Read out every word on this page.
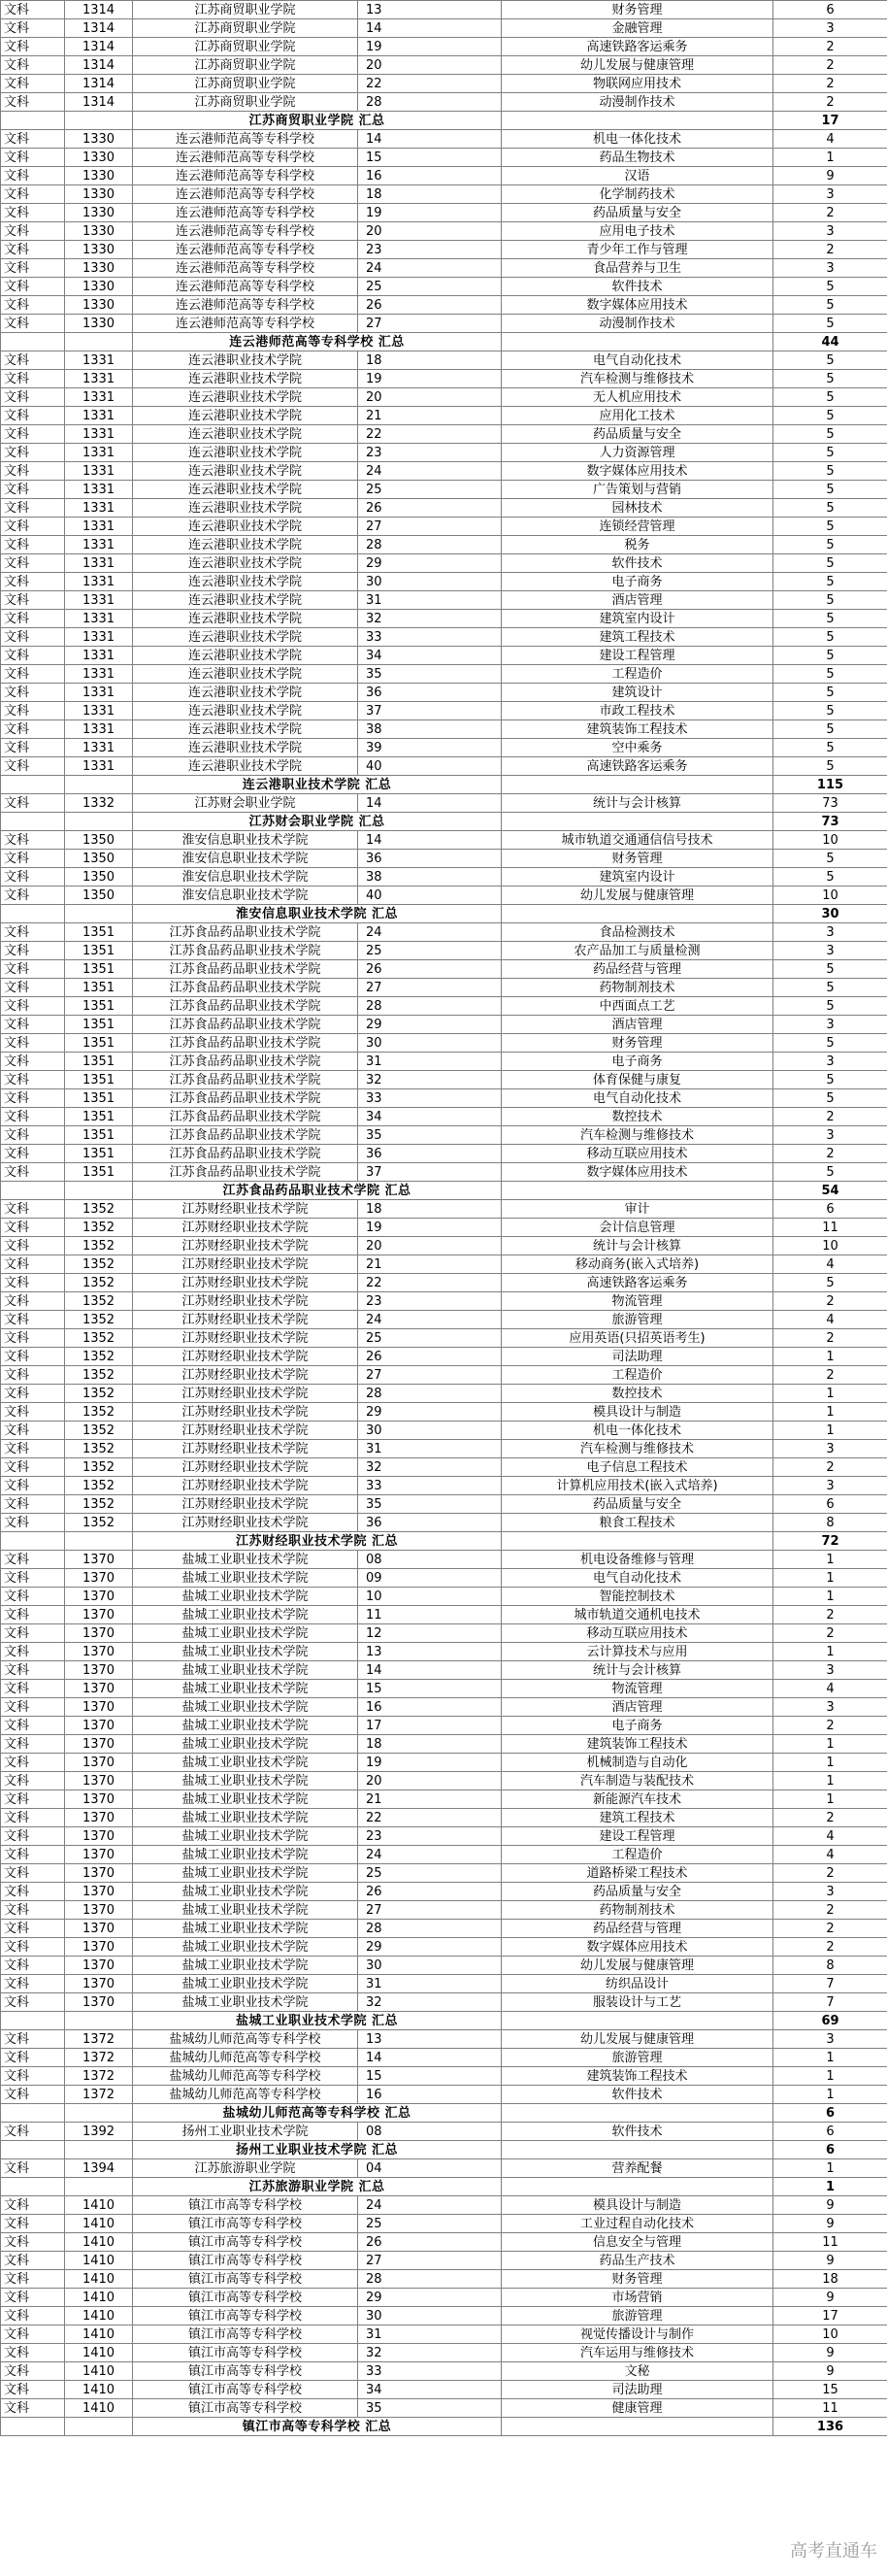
文科	1314	江苏商贸职业学院	13	财务管理	6
文科	1314	江苏商贸职业学院	14	金融管理	3
文科	1314	江苏商贸职业学院	19	高速铁路客运乘务	2
文科	1314	江苏商贸职业学院	20	幼儿发展与健康管理	2
文科	1314	江苏商贸职业学院	22	物联网应用技术	2
文科	1314	江苏商贸职业学院	28	动漫制作技术	2
		江苏商贸职业学院 汇总			17
文科	1330	连云港师范高等专科学校	14	机电一体化技术	4
文科	1330	连云港师范高等专科学校	15	药品生物技术	1
文科	1330	连云港师范高等专科学校	16	汉语	9
文科	1330	连云港师范高等专科学校	18	化学制药技术	3
文科	1330	连云港师范高等专科学校	19	药品质量与安全	2
文科	1330	连云港师范高等专科学校	20	应用电子技术	3
文科	1330	连云港师范高等专科学校	23	青少年工作与管理	2
文科	1330	连云港师范高等专科学校	24	食品营养与卫生	3
文科	1330	连云港师范高等专科学校	25	软件技术	5
文科	1330	连云港师范高等专科学校	26	数字媒体应用技术	5
文科	1330	连云港师范高等专科学校	27	动漫制作技术	5
		连云港师范高等专科学校 汇总			44
文科	1331	连云港职业技术学院	18	电气自动化技术	5
文科	1331	连云港职业技术学院	19	汽车检测与维修技术	5
文科	1331	连云港职业技术学院	20	无人机应用技术	5
文科	1331	连云港职业技术学院	21	应用化工技术	5
文科	1331	连云港职业技术学院	22	药品质量与安全	5
文科	1331	连云港职业技术学院	23	人力资源管理	5
文科	1331	连云港职业技术学院	24	数字媒体应用技术	5
文科	1331	连云港职业技术学院	25	广告策划与营销	5
文科	1331	连云港职业技术学院	26	园林技术	5
文科	1331	连云港职业技术学院	27	连锁经营管理	5
文科	1331	连云港职业技术学院	28	税务	5
文科	1331	连云港职业技术学院	29	软件技术	5
文科	1331	连云港职业技术学院	30	电子商务	5
文科	1331	连云港职业技术学院	31	酒店管理	5
文科	1331	连云港职业技术学院	32	建筑室内设计	5
文科	1331	连云港职业技术学院	33	建筑工程技术	5
文科	1331	连云港职业技术学院	34	建设工程管理	5
文科	1331	连云港职业技术学院	35	工程造价	5
文科	1331	连云港职业技术学院	36	建筑设计	5
文科	1331	连云港职业技术学院	37	市政工程技术	5
文科	1331	连云港职业技术学院	38	建筑装饰工程技术	5
文科	1331	连云港职业技术学院	39	空中乘务	5
文科	1331	连云港职业技术学院	40	高速铁路客运乘务	5
		连云港职业技术学院 汇总			115
文科	1332	江苏财会职业学院	14	统计与会计核算	73
		江苏财会职业学院 汇总			73
文科	1350	淮安信息职业技术学院	14	城市轨道交通通信信号技术	10
文科	1350	淮安信息职业技术学院	36	财务管理	5
文科	1350	淮安信息职业技术学院	38	建筑室内设计	5
文科	1350	淮安信息职业技术学院	40	幼儿发展与健康管理	10
		淮安信息职业技术学院 汇总			30
文科	1351	江苏食品药品职业技术学院	24	食品检测技术	3
文科	1351	江苏食品药品职业技术学院	25	农产品加工与质量检测	3
文科	1351	江苏食品药品职业技术学院	26	药品经营与管理	5
文科	1351	江苏食品药品职业技术学院	27	药物制剂技术	5
文科	1351	江苏食品药品职业技术学院	28	中西面点工艺	5
文科	1351	江苏食品药品职业技术学院	29	酒店管理	3
文科	1351	江苏食品药品职业技术学院	30	财务管理	5
文科	1351	江苏食品药品职业技术学院	31	电子商务	3
文科	1351	江苏食品药品职业技术学院	32	体育保健与康复	5
文科	1351	江苏食品药品职业技术学院	33	电气自动化技术	5
文科	1351	江苏食品药品职业技术学院	34	数控技术	2
文科	1351	江苏食品药品职业技术学院	35	汽车检测与维修技术	3
文科	1351	江苏食品药品职业技术学院	36	移动互联应用技术	2
文科	1351	江苏食品药品职业技术学院	37	数字媒体应用技术	5
		江苏食品药品职业技术学院 汇总			54
文科	1352	江苏财经职业技术学院	18	审计	6
文科	1352	江苏财经职业技术学院	19	会计信息管理	11
文科	1352	江苏财经职业技术学院	20	统计与会计核算	10
文科	1352	江苏财经职业技术学院	21	移动商务(嵌入式培养)	4
文科	1352	江苏财经职业技术学院	22	高速铁路客运乘务	5
文科	1352	江苏财经职业技术学院	23	物流管理	2
文科	1352	江苏财经职业技术学院	24	旅游管理	4
文科	1352	江苏财经职业技术学院	25	应用英语(只招英语考生)	2
文科	1352	江苏财经职业技术学院	26	司法助理	1
文科	1352	江苏财经职业技术学院	27	工程造价	2
文科	1352	江苏财经职业技术学院	28	数控技术	1
文科	1352	江苏财经职业技术学院	29	模具设计与制造	1
文科	1352	江苏财经职业技术学院	30	机电一体化技术	1
文科	1352	江苏财经职业技术学院	31	汽车检测与维修技术	3
文科	1352	江苏财经职业技术学院	32	电子信息工程技术	2
文科	1352	江苏财经职业技术学院	33	计算机应用技术(嵌入式培养)	3
文科	1352	江苏财经职业技术学院	35	药品质量与安全	6
文科	1352	江苏财经职业技术学院	36	粮食工程技术	8
		江苏财经职业技术学院 汇总			72
文科	1370	盐城工业职业技术学院	08	机电设备维修与管理	1
文科	1370	盐城工业职业技术学院	09	电气自动化技术	1
文科	1370	盐城工业职业技术学院	10	智能控制技术	1
文科	1370	盐城工业职业技术学院	11	城市轨道交通机电技术	2
文科	1370	盐城工业职业技术学院	12	移动互联应用技术	2
文科	1370	盐城工业职业技术学院	13	云计算技术与应用	1
文科	1370	盐城工业职业技术学院	14	统计与会计核算	3
文科	1370	盐城工业职业技术学院	15	物流管理	4
文科	1370	盐城工业职业技术学院	16	酒店管理	3
文科	1370	盐城工业职业技术学院	17	电子商务	2
文科	1370	盐城工业职业技术学院	18	建筑装饰工程技术	1
文科	1370	盐城工业职业技术学院	19	机械制造与自动化	1
文科	1370	盐城工业职业技术学院	20	汽车制造与装配技术	1
文科	1370	盐城工业职业技术学院	21	新能源汽车技术	1
文科	1370	盐城工业职业技术学院	22	建筑工程技术	2
文科	1370	盐城工业职业技术学院	23	建设工程管理	4
文科	1370	盐城工业职业技术学院	24	工程造价	4
文科	1370	盐城工业职业技术学院	25	道路桥梁工程技术	2
文科	1370	盐城工业职业技术学院	26	药品质量与安全	3
文科	1370	盐城工业职业技术学院	27	药物制剂技术	2
文科	1370	盐城工业职业技术学院	28	药品经营与管理	2
文科	1370	盐城工业职业技术学院	29	数字媒体应用技术	2
文科	1370	盐城工业职业技术学院	30	幼儿发展与健康管理	8
文科	1370	盐城工业职业技术学院	31	纺织品设计	7
文科	1370	盐城工业职业技术学院	32	服装设计与工艺	7
		盐城工业职业技术学院 汇总			69
文科	1372	盐城幼儿师范高等专科学校	13	幼儿发展与健康管理	3
文科	1372	盐城幼儿师范高等专科学校	14	旅游管理	1
文科	1372	盐城幼儿师范高等专科学校	15	建筑装饰工程技术	1
文科	1372	盐城幼儿师范高等专科学校	16	软件技术	1
		盐城幼儿师范高等专科学校 汇总			6
文科	1392	扬州工业职业技术学院	08	软件技术	6
		扬州工业职业技术学院 汇总			6
文科	1394	江苏旅游职业学院	04	营养配餐	1
		江苏旅游职业学院 汇总			1
文科	1410	镇江市高等专科学校	24	模具设计与制造	9
文科	1410	镇江市高等专科学校	25	工业过程自动化技术	9
文科	1410	镇江市高等专科学校	26	信息安全与管理	11
文科	1410	镇江市高等专科学校	27	药品生产技术	9
文科	1410	镇江市高等专科学校	28	财务管理	18
文科	1410	镇江市高等专科学校	29	市场营销	9
文科	1410	镇江市高等专科学校	30	旅游管理	17
文科	1410	镇江市高等专科学校	31	视觉传播设计与制作	10
文科	1410	镇江市高等专科学校	32	汽车运用与维修技术	9
文科	1410	镇江市高等专科学校	33	文秘	9
文科	1410	镇江市高等专科学校	34	司法助理	15
文科	1410	镇江市高等专科学校	35	健康管理	11
		镇江市高等专科学校 汇总			136
高考直通车
